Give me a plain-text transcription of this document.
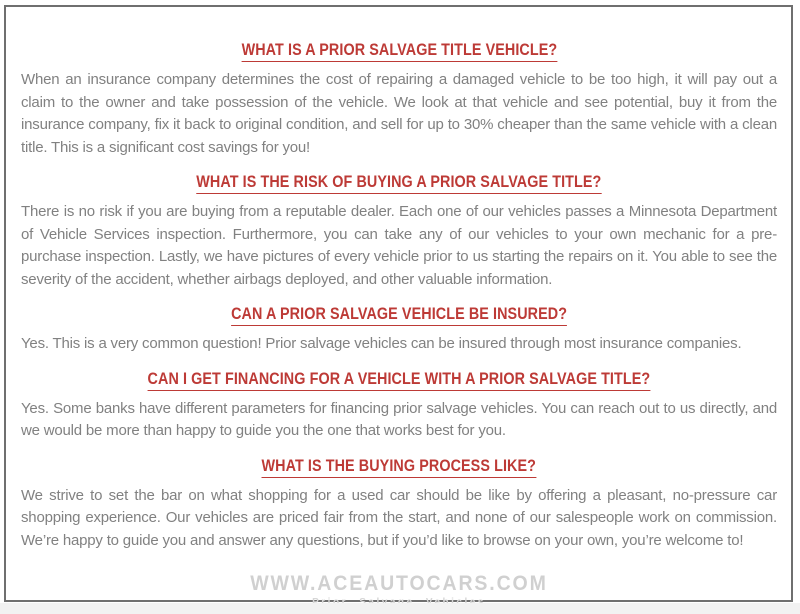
WHAT IS A PRIOR SALVAGE TITLE VEHICLE?

When an insurance company determines the cost of repairing a damaged vehicle to be too high, it will pay out a claim to the owner and take possession of the vehicle. We look at that vehicle and see potential, buy it from the insurance company, fix it back to original condition, and sell for up to 30% cheaper than the same vehicle with a clean title. This is a significant cost savings for you!

WHAT IS THE RISK OF BUYING A PRIOR SALVAGE TITLE?

There is no risk if you are buying from a reputable dealer. Each one of our vehicles passes a Minnesota Department of Vehicle Services inspection. Furthermore, you can take any of our vehicles to your own mechanic for a pre-purchase inspection. Lastly, we have pictures of every vehicle prior to us starting the repairs on it. You able to see the severity of the accident, whether airbags deployed, and other valuable information.

CAN A PRIOR SALVAGE VEHICLE BE INSURED?

Yes. This is a very common question! Prior salvage vehicles can be insured through most insurance companies.

CAN I GET FINANCING FOR A VEHICLE WITH A PRIOR SALVAGE TITLE?

Yes. Some banks have different parameters for financing prior salvage vehicles. You can reach out to us directly, and we would be more than happy to guide you the one that works best for you.

WHAT IS THE BUYING PROCESS LIKE?

We strive to set the bar on what shopping for a used car should be like by offering a pleasant, no-pressure car shopping experience. Our vehicles are priced fair from the start, and none of our salespeople work on commission. We’re happy to guide you and answer any questions, but if you’d like to browse on your own, you’re welcome to!

WWW.ACEAUTOCARS.COM
